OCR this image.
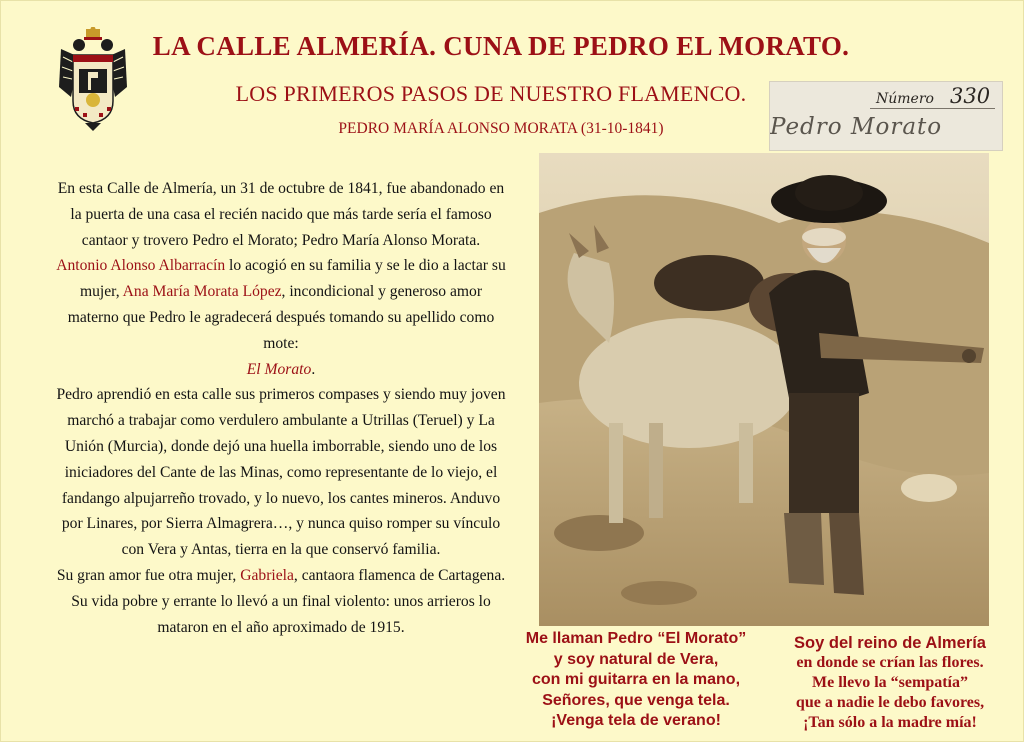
LA CALLE ALMERÍA. CUNA DE PEDRO EL MORATO.
LOS PRIMEROS PASOS DE NUESTRO FLAMENCO.
PEDRO MARÍA ALONSO MORATA (31-10-1841)
Número 330
Pedro Morato

En esta Calle de Almería, un 31 de octubre de 1841, fue abandonado en la puerta de una casa el recién nacido que más tarde sería el famoso cantaor y trovero Pedro el Morato; Pedro María Alonso Morata.

Antonio Alonso Albarracín lo acogió en su familia y se le dio a lactar su mujer, Ana María Morata López, incondicional y generoso amor materno que Pedro le agradecerá después tomando su apellido como mote:

El Morato.

Pedro aprendió en esta calle sus primeros compases y siendo muy joven marchó a trabajar como verdulero ambulante a Utrillas (Teruel) y La Unión (Murcia), donde dejó una huella imborrable, siendo uno de los iniciadores del Cante de las Minas, como representante de lo viejo, el fandango alpujarreño trovado, y lo nuevo, los cantes mineros. Anduvo por Linares, por Sierra Almagrera…, y nunca quiso romper su vínculo con Vera y Antas, tierra en la que conservó familia.

Su gran amor fue otra mujer, Gabriela, cantaora flamenca de Cartagena.

Su vida pobre y errante lo llevó a un final violento: unos arrieros lo mataron en el año aproximado de 1915.

Me llaman Pedro “El Morato”
y soy natural de Vera,
con mi guitarra en la mano,
Señores, que venga tela.
¡Venga tela de verano!
Soy del reino de Almería
en donde se crían las flores.
Me llevo la “sempatía”
que a nadie le debo favores,
¡Tan sólo a la madre mía!
